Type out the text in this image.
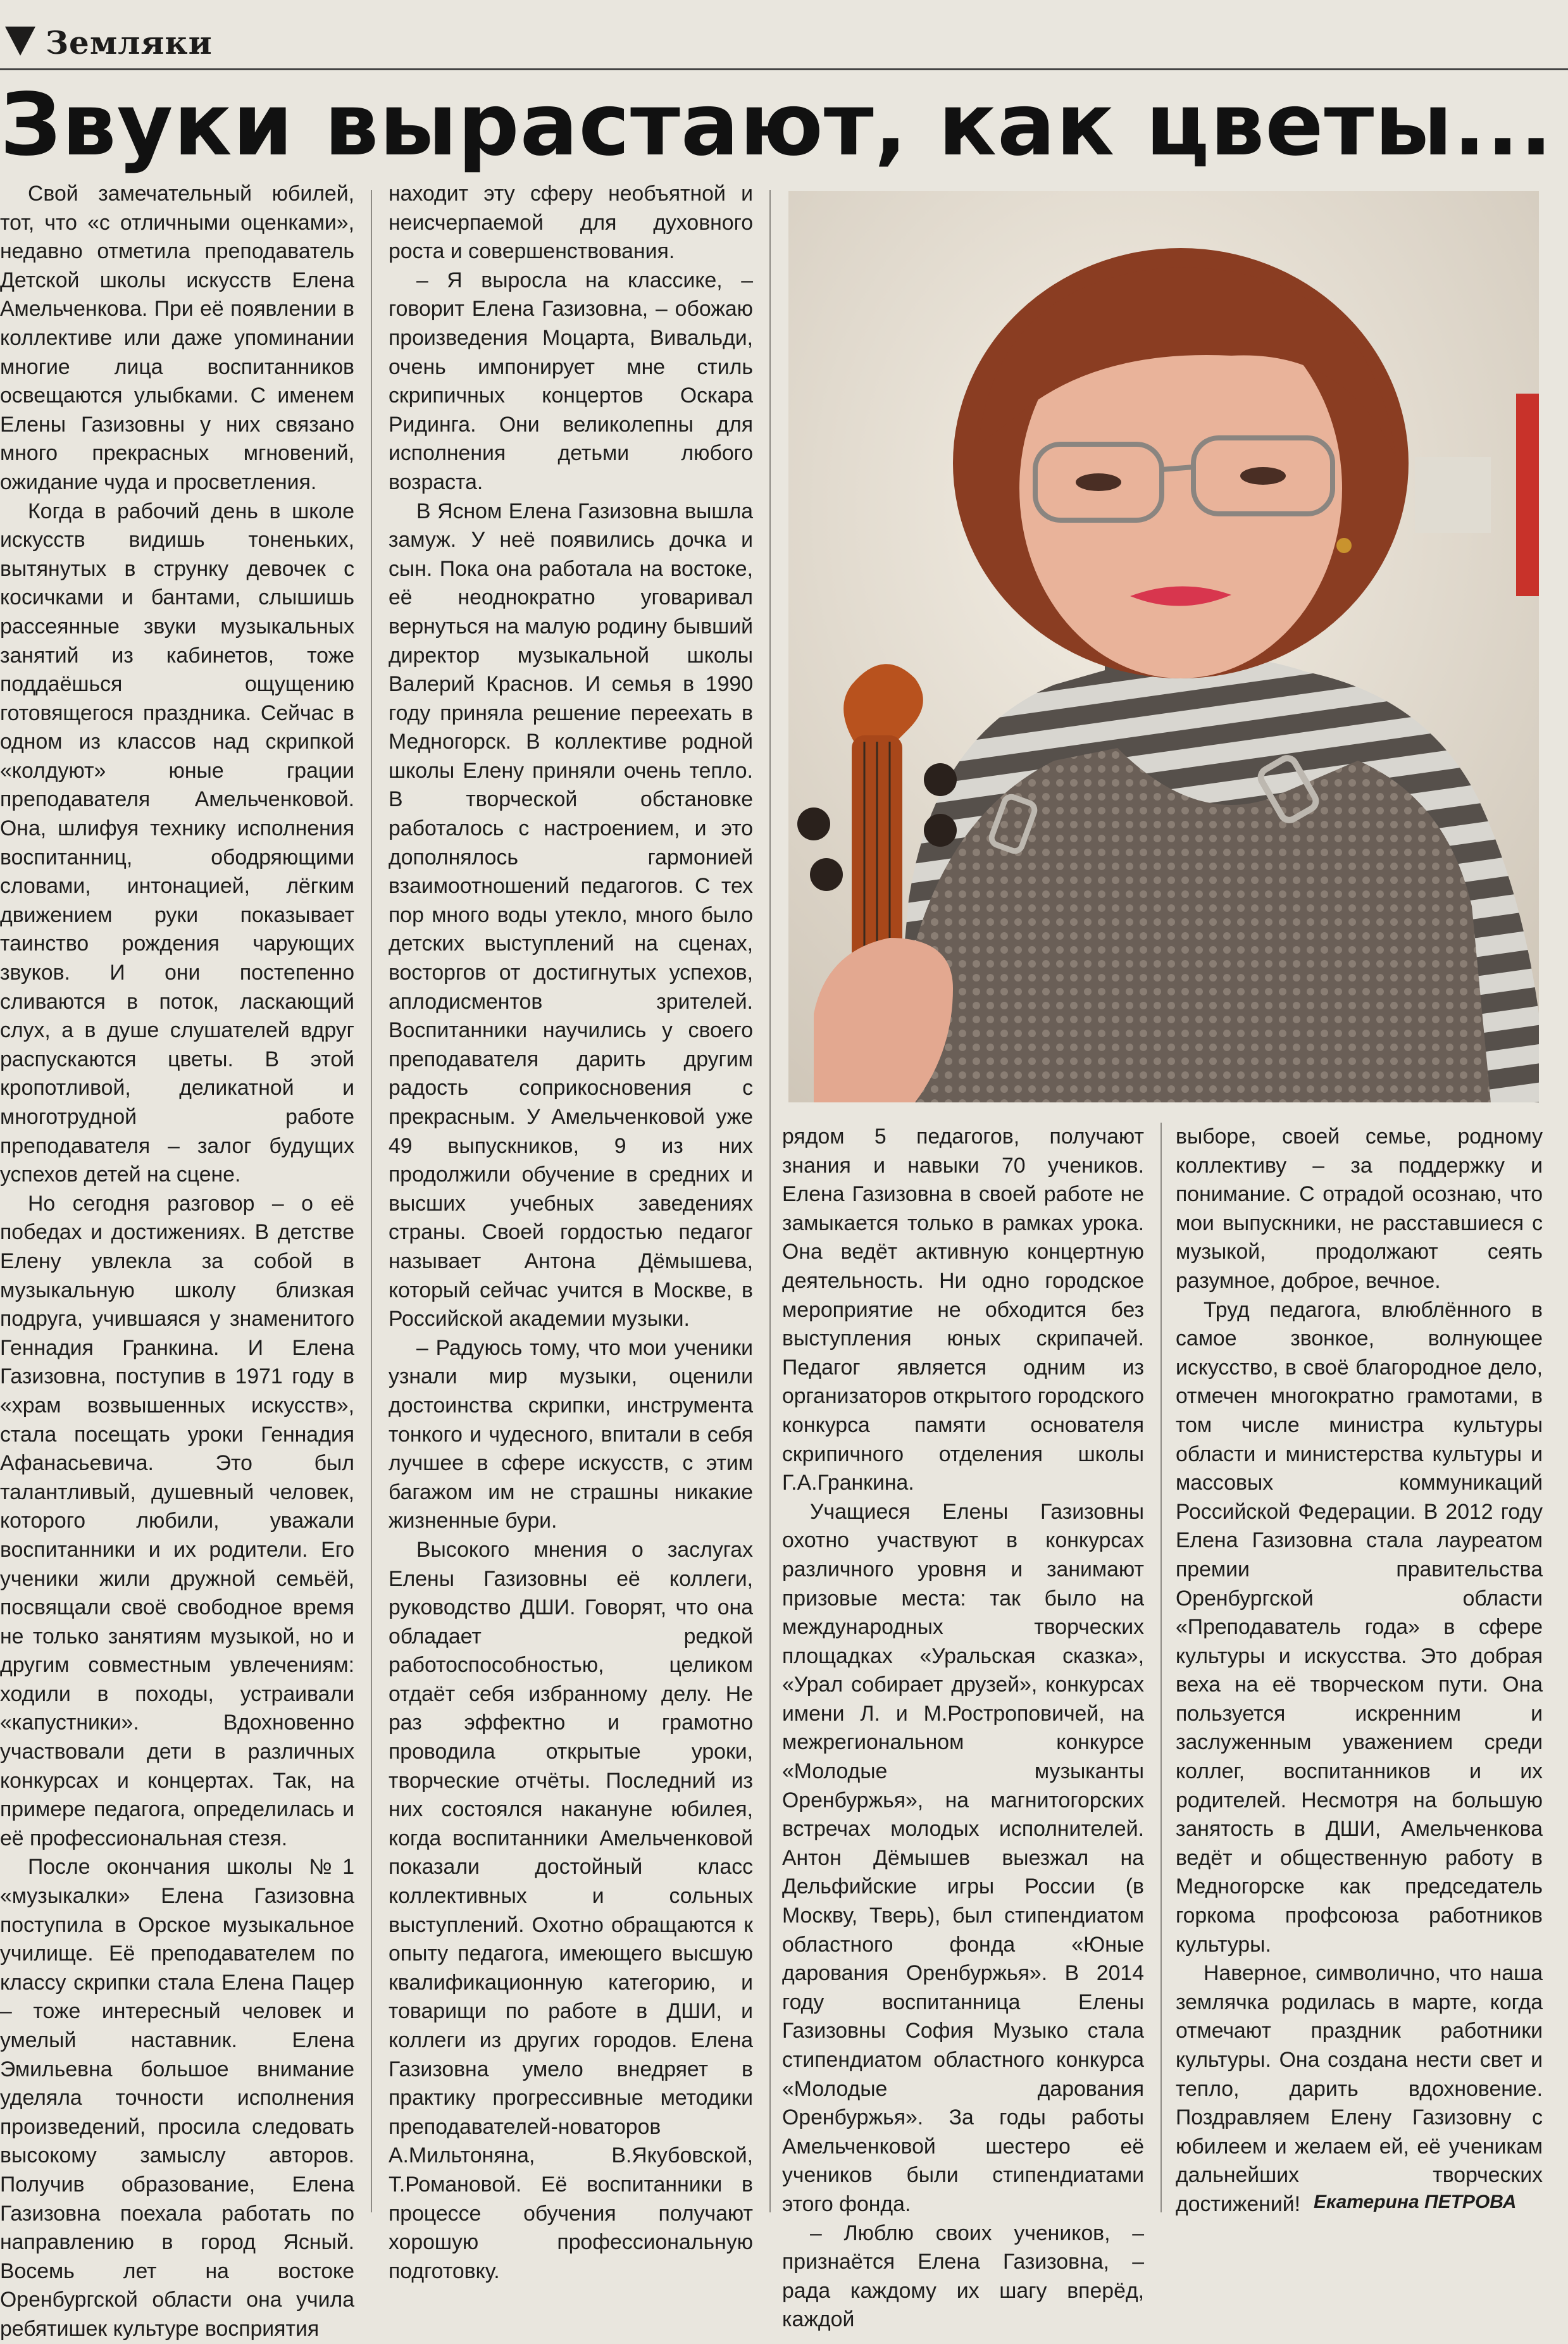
Земляки
Звуки вырастают, как цветы...

Свой замечательный юбилей, тот, что «с отличными оценками», недавно отметила преподаватель Детской школы искусств Елена Амельченкова. При её появлении в коллективе или даже упоминании многие лица воспитанников освещаются улыбками. С именем Елены Газизовны у них связано много прекрасных мгновений, ожидание чуда и просветления.

Когда в рабочий день в школе искусств видишь тоненьких, вытянутых в струнку девочек с косичками и бантами, слышишь рассеянные звуки музыкальных занятий из кабинетов, тоже поддаёшься ощущению готовящегося праздника. Сейчас в одном из классов над скрипкой «колдуют» юные грации преподавателя Амельченковой. Она, шлифуя технику исполнения воспитанниц, ободряющими словами, интонацией, лёгким движением руки показывает таинство рождения чарующих звуков. И они постепенно сливаются в поток, ласкающий слух, а в душе слушателей вдруг распускаются цветы. В этой кропотливой, деликатной и многотрудной работе преподавателя – залог будущих успехов детей на сцене.

Но сегодня разговор – о её победах и достижениях. В детстве Елену увлекла за собой в музыкальную школу близкая подруга, учившаяся у знаменитого Геннадия Гранкина. И Елена Газизовна, поступив в 1971 году в «храм возвышенных искусств», стала посещать уроки Геннадия Афанасьевича. Это был талантливый, душевный человек, которого любили, уважали воспитанники и их родители. Его ученики жили дружной семьёй, посвящали своё свободное время не только занятиям музыкой, но и другим совместным увлечениям: ходили в походы, устраивали «капустники». Вдохновенно участвовали дети в различных конкурсах и концертах. Так, на примере педагога, определилась и её профессиональная стезя.

После окончания школы №1 «музыкалки» Елена Газизовна поступила в Орское музыкальное училище. Её преподавателем по классу скрипки стала Елена Пацер – тоже интересный человек и умелый наставник. Елена Эмильевна большое внимание уделяла точности исполнения произведений, просила следовать высокому замыслу авторов. Получив образование, Елена Газизовна поехала работать по направлению в город Ясный. Восемь лет на востоке Оренбургской области она учила ребятишек культуре восприятия

находит эту сферу необъятной и неисчерпаемой для духовного роста и совершенствования.

– Я выросла на классике, – говорит Елена Газизовна, – обожаю произведения Моцарта, Вивальди, очень импонирует мне стиль скрипичных концертов Оскара Ридинга. Они великолепны для исполнения детьми любого возраста.

В Ясном Елена Газизовна вышла замуж. У неё появились дочка и сын. Пока она работала на востоке, её неоднократно уговаривал вернуться на малую родину бывший директор музыкальной школы Валерий Краснов. И семья в 1990 году приняла решение переехать в Медногорск. В коллективе родной школы Елену приняли очень тепло. В творческой обстановке работалось с настроением, и это дополнялось гармонией взаимоотношений педагогов. С тех пор много воды утекло, много было детских выступлений на сценах, восторгов от достигнутых успехов, аплодисментов зрителей. Воспитанники научились у своего преподавателя дарить другим радость соприкосновения с прекрасным. У Амельченковой уже 49 выпускников, 9 из них продолжили обучение в средних и высших учебных заведениях страны. Своей гордостью педагог называет Антона Дёмышева, который сейчас учится в Москве, в Российской академии музыки.

– Радуюсь тому, что мои ученики узнали мир музыки, оценили достоинства скрипки, инструмента тонкого и чудесного, впитали в себя лучшее в сфере искусств, с этим багажом им не страшны никакие жизненные бури.

Высокого мнения о заслугах Елены Газизовны её коллеги, руководство ДШИ. Говорят, что она обладает редкой работоспособностью, целиком отдаёт себя избранному делу. Не раз эффектно и грамотно проводила открытые уроки, творческие отчёты. Последний из них состоялся накануне юбилея, когда воспитанники Амельченковой показали достойный класс коллективных и сольных выступлений. Охотно обращаются к опыту педагога, имеющего высшую квалификационную категорию, и товарищи по работе в ДШИ, и коллеги из других городов. Елена Газизовна умело внедряет в практику прогрессивные методики преподавателей-новаторов А.Мильтоняна, В.Якубовской, Т.Романовой. Её воспитанники в процессе обучения получают хорошую профессиональную подготовку.

рядом 5 педагогов, получают знания и навыки 70 учеников. Елена Газизовна в своей работе не замыкается только в рамках урока. Она ведёт активную концертную деятельность. Ни одно городское мероприятие не обходится без выступления юных скрипачей. Педагог является одним из организаторов открытого городского конкурса памяти основателя скрипичного отделения школы Г.А.Гранкина.

Учащиеся Елены Газизовны охотно участвуют в конкурсах различного уровня и занимают призовые места: так было на международных творческих площадках «Уральская сказка», «Урал собирает друзей», конкурсах имени Л. и М.Ростроповичей, на межрегиональном конкурсе «Молодые музыканты Оренбуржья», на магнитогорских встречах молодых исполнителей. Антон Дёмышев выезжал на Дельфийские игры России (в Москву, Тверь), был стипендиатом областного фонда «Юные дарования Оренбуржья». В 2014 году воспитанница Елены Газизовны София Музыко стала стипендиатом областного конкурса «Молодые дарования Оренбуржья». За годы работы Амельченковой шестеро её учеников были стипендиатами этого фонда.

– Люблю своих учеников, – признаётся Елена Газизовна, – рада каждому их шагу вперёд, каждой

выборе, своей семье, родному коллективу – за поддержку и понимание. С отрадой осознаю, что мои выпускники, не расставшиеся с музыкой, продолжают сеять разумное, доброе, вечное.

Труд педагога, влюблённого в самое звонкое, волнующее искусство, в своё благородное дело, отмечен многократно грамотами, в том числе министра культуры области и министерства культуры и массовых коммуникаций Российской Федерации. В 2012 году Елена Газизовна стала лауреатом премии правительства Оренбургской области «Преподаватель года» в сфере культуры и искусства. Это добрая веха на её творческом пути. Она пользуется искренним и заслуженным уважением среди коллег, воспитанников и их родителей. Несмотря на большую занятость в ДШИ, Амельченкова ведёт и общественную работу в Медногорске как председатель горкома профсоюза работников культуры.

Наверное, символично, что наша землячка родилась в марте, когда отмечают праздник работники культуры. Она создана нести свет и тепло, дарить вдохновение. Поздравляем Елену Газизовну с юбилеем и желаем ей, её ученикам дальнейших творческих достижений! Екатерина ПЕТРОВА
